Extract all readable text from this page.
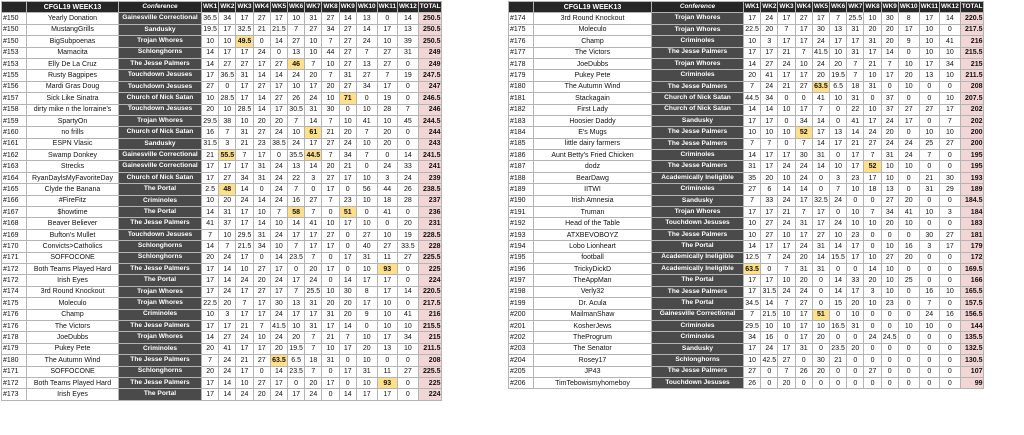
	CFGL19 WEEK13	Conference	WK1	WK2	WK3	WK4	WK5	WK6	WK7	WK8	WK9	WK10	WK11	WK12	TOTAL
#150	Yearly Donation	Gainesville Correctional	36.5	34	17	27	17	10	31	27	14	13	0	14	250.5
#150	MustangGrills	Sandusky	19.5	17	32.5	21	21.5	7	27	34	27	14	17	13	250.5
#150	BigSubpoenas	Trojan Whores	10	10	49.5	0	14	27	10	7	27	24	10	39	250.5
#153	Mamacita	Schlonghorns	14	17	17	24	0	13	10	44	27	7	27	31	249
#153	Elly De La Cruz	The Jesse Palmers	14	27	27	17	27	46	7	10	27	13	27	0	249
#155	Rusty Bagpipes	Touchdown Jesuses	17	36.5	31	14	14	24	20	7	31	27	7	19	247.5
#156	Mardi Gras Doug	Touchdown Jesuses	27	0	17	27	17	10	17	20	27	34	17	0	247
#157	Sick Like Sinatra	Church of Nick Satan	10	28.5	17	14	27	26	24	10	71	0	19	0	246.5
#158	dirty mike n the lorraine's	Touchdown Jesuses	20	10	28.5	14	17	30.5	31	30	0	10	28	7	246
#159	SpartyOn	Trojan Whores	29.5	38	10	20	20	7	14	7	10	41	10	45	244.5
#160	no frills	Church of Nick Satan	16	7	31	27	24	10	61	21	20	7	20	0	244
#161	ESPN Vlasic	Sandusky	31.5	3	21	23	38.5	24	17	27	24	10	20	0	243
#162	Swamp Donkey	Gainesville Correctional	21	55.5	7	17	0	35.5	44.5	7	34	7	0	14	241.5
#163	Strecks	Gainesville Correctional	17	17	17	31	24	13	14	20	21	0	24	33	241
#164	RyanDaylsMyFavoriteDay	Church of Nick Satan	17	27	34	31	24	22	3	27	17	10	3	24	239
#165	Clyde the Banana	The Portal	2.5	48	14	0	24	7	0	17	0	56	44	26	238.5
#166	#FireFitz	Criminoles	10	20	24	14	24	16	27	7	23	10	18	28	237
#167	$howtime	The Portal	14	31	17	10	7	58	7	0	51	0	41	0	236
#168	Beaver Believer	The Jesse Palmers	41	37	17	14	10	14	41	10	17	10	0	20	231
#169	Bufton's Mullet	Touchdown Jesuses	7	10	29.5	31	24	17	17	27	0	27	10	19	228.5
#170	Convicts>Catholics	Schlonghorns	14	7	21.5	34	10	7	17	17	0	40	27	33.5	228
#171	SOFFOCONE	Schlonghorns	20	24	17	0	14	23.5	7	0	17	31	11	27	225.5
#172	Both Teams Played Hard	The Jesse Palmers	17	14	10	27	17	0	20	17	0	10	93	0	225
#172	Irish Eyes	The Portal	17	14	24	20	24	17	24	0	14	17	17	0	224
#174	3rd Round Knockout	Trojan Whores	17	24	17	27	17	7	25.5	10	30	8	17	14	220.5
#175	Moleculo	Trojan Whores	22.5	20	7	17	30	13	31	20	20	17	10	0	217.5
#176	Champ	Criminoles	10	3	17	17	24	17	17	31	20	9	10	41	216
#176	The Victors	The Jesse Palmers	17	17	21	7	41.5	10	31	17	14	0	10	10	215.5
#178	JoeDubbs	Trojan Whores	14	27	24	10	24	20	7	21	7	10	17	34	215
#179	Pukey Pete	Criminoles	20	41	17	17	20	19.5	7	10	17	20	13	10	211.5
#180	The Autumn Wind	The Jesse Palmers	7	24	21	27	63.5	6.5	18	31	0	10	0	0	208
#171	SOFFOCONE	Schlonghorns	20	24	17	0	14	23.5	7	0	17	31	11	27	225.5
#172	Both Teams Played Hard	The Jesse Palmers	17	14	10	27	17	0	20	17	0	10	93	0	225
#173	Irish Eyes	The Portal	17	14	24	20	24	17	24	0	14	17	17	0	224
	CFGL19 WEEK13	Conference	WK1	WK2	WK3	WK4	WK5	WK6	WK7	WK8	WK9	WK10	WK11	WK12	TOTAL
#174	3rd Round Knockout	Trojan Whores	17	24	17	27	17	7	25.5	10	30	8	17	14	220.5
#175	Moleculo	Trojan Whores	22.5	20	7	17	30	13	31	20	20	17	10	0	217.5
#176	Champ	Criminoles	10	3	17	17	24	17	17	31	20	9	10	41	216
#177	The Victors	The Jesse Palmers	17	17	21	7	41.5	10	31	17	14	0	10	10	215.5
#178	JoeDubbs	Trojan Whores	14	27	24	10	24	20	7	21	7	10	17	34	215
#179	Pukey Pete	Criminoles	20	41	17	17	20	19.5	7	10	17	20	13	10	211.5
#180	The Autumn Wind	The Jesse Palmers	7	24	21	27	63.5	6.5	18	31	0	10	0	0	208
#181	Stackagain	Church of Nick Satan	44.5	34	0	0	41	10	31	0	37	0	0	10	207.5
#182	First Lady	Church of Nick Satan	14	14	10	17	7	0	22	10	37	27	27	17	202
#183	Hoosier Daddy	Sandusky	17	17	0	34	14	0	41	17	24	17	0	7	202
#184	E's Mugs	The Jesse Palmers	10	10	10	52	17	13	14	24	20	0	10	10	200
#185	little dairy farmers	The Jesse Palmers	7	7	0	7	14	17	21	27	24	24	25	27	200
#186	Aunt Betty's Fried Chicken	Criminoles	14	17	17	30	31	0	17	7	31	24	7	0	195
#187	dodz	The Jesse Palmers	31	17	24	24	14	10	17	52	10	10	0	0	195
#188	BearDawg	Academically Ineligible	35	20	10	24	0	3	23	17	10	0	21	30	193
#189	IITWI	Criminoles	27	6	14	14	0	7	10	18	13	0	31	29	189
#190	Irish Amnesia	Sandusky	7	33	24	17	32.5	24	0	0	27	20	0	0	184.5
#191	Truman	Trojan Whores	17	17	21	7	17	0	10	7	34	41	10	3	184
#192	Head of the Table	Touchdown Jesuses	10	27	24	31	17	24	10	10	20	10	0	0	183
#193	ATXBEVOBOYZ	The Jesse Palmers	10	27	10	17	27	10	23	0	0	0	30	27	181
#194	Lobo Lionheart	The Portal	14	17	17	24	31	14	17	0	10	16	3	17	179
#195	football	Academically Ineligible	12.5	7	24	20	14	15.5	17	10	27	20	0	0	172
#196	TrickyDickD	Academically Ineligible	63.5	0	7	31	31	0	0	14	10	0	0	0	169.5
#197	TheAppMan	The Portal	17	17	10	20	0	14	33	20	10	25	0	0	166
#198	Verly32	The Jesse Palmers	17	31.5	24	24	0	14	17	3	10	0	16	10	165.5
#199	Dr. Acula	The Portal	34.5	14	7	27	0	15	20	10	23	0	7	0	157.5
#200	MailmanShaw	Gainesville Correctional	7	21.5	10	17	51	0	10	0	0	0	24	16	156.5
#201	KosherJews	Criminoles	29.5	10	10	17	10	16.5	31	0	0	10	10	0	144
#202	TheProgrum	Criminoles	34	16	0	17	20	0	0	24	24.5	0	0	0	135.5
#203	The Senator	Sandusky	17	24	17	31	0	23.5	20	0	0	0	0	0	132.5
#204	Rosey17	Schlonghorns	10	42.5	27	0	30	21	0	0	0	0	0	0	130.5
#205	JP43	The Jesse Palmers	27	0	7	26	20	0	0	27	0	0	0	0	107
#206	TimTebowismyhomeboy	Touchdown Jesuses	26	0	20	0	0	0	0	0	0	0	0	0	99
